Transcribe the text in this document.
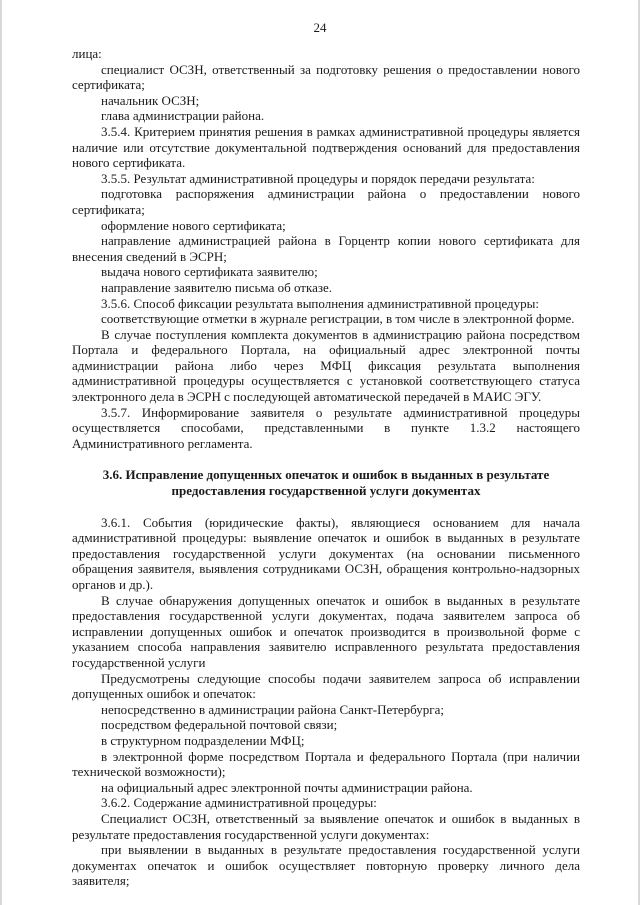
24

лица:

специалист ОСЗН, ответственный за подготовку решения о предоставлении нового сертификата;

начальник ОСЗН;

глава администрации района.

3.5.4. Критерием принятия решения в рамках административной процедуры является наличие или отсутствие документальной подтверждения оснований для предоставления нового сертификата.

3.5.5. Результат административной процедуры и порядок передачи результата:

подготовка распоряжения администрации района о предоставлении нового сертификата;

оформление нового сертификата;

направление администрацией района в Горцентр копии нового сертификата для внесения сведений в ЭСРН;

выдача нового сертификата заявителю;

направление заявителю письма об отказе.

3.5.6. Способ фиксации результата выполнения административной процедуры:

соответствующие отметки в журнале регистрации, в том числе в электронной форме.

В случае поступления комплекта документов в администрацию района посредством Портала и федерального Портала, на официальный адрес электронной почты администрации района либо через МФЦ фиксация результата выполнения административной процедуры осуществляется с установкой соответствующего статуса электронного дела в ЭСРН с последующей автоматической передачей в МАИС ЭГУ.

3.5.7. Информирование заявителя о результате административной процедуры осуществляется способами, представленными в пункте 1.3.2 настоящего Административного регламента.

3.6. Исправление допущенных опечаток и ошибок в выданных в результате предоставления государственной услуги документах

3.6.1. События (юридические факты), являющиеся основанием для начала административной процедуры: выявление опечаток и ошибок в выданных в результате предоставления государственной услуги документах (на основании письменного обращения заявителя, выявления сотрудниками ОСЗН, обращения контрольно-надзорных органов и др.).

В случае обнаружения допущенных опечаток и ошибок в выданных в результате предоставления государственной услуги документах, подача заявителем запроса об исправлении допущенных ошибок и опечаток производится в произвольной форме с указанием способа направления заявителю исправленного результата предоставления государственной услуги

Предусмотрены следующие способы подачи заявителем запроса об исправлении допущенных ошибок и опечаток:

непосредственно в администрации района Санкт-Петербурга;

посредством федеральной почтовой связи;

в структурном подразделении МФЦ;

в электронной форме посредством Портала и федерального Портала (при наличии технической возможности);

на официальный адрес электронной почты администрации района.

3.6.2. Содержание административной процедуры:

Специалист ОСЗН, ответственный за выявление опечаток и ошибок в выданных в результате предоставления государственной услуги документах:

при выявлении в выданных в результате предоставления государственной услуги документах опечаток и ошибок осуществляет повторную проверку личного дела заявителя;
